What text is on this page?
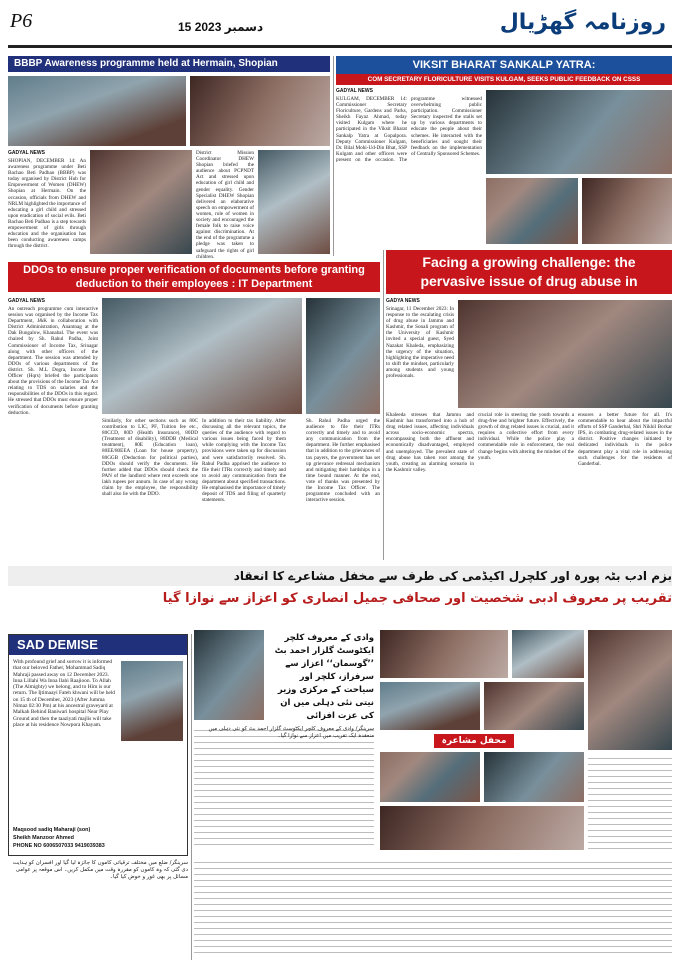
P6	15	دسمبر 2023	روزنامہ گھڑیال
BBBP Awareness programme held at Hermain, Shopian
GADYAL NEWS
SHOPIAN, DECEMBER 14: An awareness programme under Beti Bachao Beti Padhao (BBBP) was today organised by District Hub for Empowerment of Women (DHEW) Shopian at Hermain. On the occasion, officials from DHEW and NRLM highlighted the importance of educating a girl child and stressed upon eradication of social evils. Beti Bachao Beti Padhao is a step towards empowerment of girls through education and the organisation has been conducting awareness camps through the district.
District Mission Coordinator DHEW Shopian briefed the audience about PCPNDT Act and stressed upon education of girl child and gender equality. Gender Specialist DHEW Shopian delivered an elaborative speech on empowerment of women, role of women in society and encouraged the female folk to raise voice against discrimination. At the end of the programme a pledge was taken to safeguard the rights of girl children.
VIKSIT BHARAT SANKALP YATRA:
COM SECRETARY FLORICULTURE VISITS KULGAM, SEEKS PUBLIC FEEDBACK ON CSSS
GADYAL NEWS
KULGAM, DECEMBER 14: Commissioner Secretary Floriculture, Gardens and Parks, Sheikh Fayaz Ahmad, today visited Kulgam where he participated in the Viksit Bharat Sankalp Yatra at Gopalpora. Deputy Commissioner Kulgam, Dr. Bilal Mohi-Ud-Din Bhat, SSP Kulgam and other officers were present on the occasion. The programme witnessed overwhelming public participation. Commissioner Secretary inspected the stalls set up by various departments to educate the people about their schemes. He interacted with the beneficiaries and sought their feedback on the implementation of Centrally Sponsored Schemes.
DDOs to ensure proper verification of documents before granting deduction to their employees : IT Department
GADYAL NEWS
An outreach programme cum interactive session was organised by the Income Tax Department, J&K in collaboration with District Administration, Anantnag at the Dak Bungalow, Khanabal. The event was chaired by Sh. Rahul Padha, Joint Commissioner of Income Tax, Srinagar along with other officers of the department. The session was attended by DDOs of various departments of the district. Sh. M.L Dogra, Income Tax Officer (Hqrs) briefed the participants about the provisions of the Income Tax Act relating to TDS on salaries and the responsibilities of the DDOs in this regard. He stressed that DDOs must ensure proper verification of documents before granting deduction.
Similarly, for other sections such as 80C contribution to LIC, PF, Tuition fee etc., 80CCD, 80D (Health Insurance), 80DD (Treatment of disability), 80DDB (Medical treatment), 80E (Education loan), 80EE/80EEA (Loan for house property), 80GGB (Deduction for political parties), DDOs should verify the documents. He further added that DDOs should check the PAN of the landlord where rent exceeds one lakh rupees per annum. In case of any wrong claim by the employee, the responsibility shall also lie with the DDO.
In addition to their tax liability. After discussing all the relevant topics, the queries of the audience with regard to various issues being faced by them while complying with the Income Tax provisions were taken up for discussion and were satisfactorily resolved. Sh. Rahul Padha apprised the audience to file their ITRs correctly and timely and to avoid any communication from the department about specified transactions. He emphasised the importance of timely deposit of TDS and filing of quarterly statements.
Sh. Rahul Padha urged the audience to file their ITRs correctly and timely and to avoid any communication from the department. He further emphasised that in addition to the grievances of tax payers, the government has set up grievance redressal mechanism and mitigating their hardships in a time bound manner. At the end, vote of thanks was presented by the Income Tax Officer. The programme concluded with an interactive session.
Facing a growing challenge: the pervasive issue of drug abuse in
GADYA NEWS
Srinagar, 11 December 2023: In response to the escalating crisis of drug abuse in Jammu and Kashmir, the Sonali program of the University of Kashmir invited a special guest, Syed Nazakat Khaleda, emphasizing the urgency of the situation, highlighting the imperative need to shift the mindset, particularly among students and young professionals.
Khaleeda stresses that Jammu and Kashmir has transformed into a hub of drug related issues, affecting individuals across socio-economic spectra, encompassing both the affluent and economically disadvantaged, employed and unemployed. The prevalent state of drug abuse has taken root among the youth, creating an alarming scenario in the Kashmir valley.
crucial role in steering the youth towards a drug-free and brighter future. Effectively, the growth of drug related issues is crucial, and it requires a collective effort from every individual. While the police play a commendable role in enforcement, the real change begins with altering the mindset of the youth.
ensures a better future for all. It's commendable to hear about the impactful efforts of SSP Ganderbal, Shri Nikhil Borkar IPS, in combating drug-related issues in the district. Positive changes initiated by dedicated individuals in the police department play a vital role in addressing such challenges for the residents of Ganderbal.
بزم ادب بٹہ پورہ اور کلچرل اکیڈمی کی طرف سے مخفل مشاعرے کا انعقاد
تقریب پر معروف ادبی شخصیت اور صحافی جمیل انصاری کو اعزاز سے نوازا گیا
SAD DEMISE
With profound grief and sorrow it is informed that our beloved Father, Mohammad Sadiq Mahraji passed away on 12 December 2023. Inna Lillahi Wa Inna Ilahi Raajioon. To Allah (The Almighty) we belong, and to Him is our return. The Ijtimaayi Fateh khwani will be held on 15 th of December, 2023 (After Jumma Nimaz 02:30 Pm) at his ancestral graveyard at Malkah Behind Baniwari hospital Near Play Ground and then the taaziyati majlis will take place at his residence Nowpora Khayam.
Maqsood sadiq Maharaji (son)
Sheikh Manzoor Ahmed
PHONE NO 6006507033 9419039383
سرینگر/ ضلع میں مختلف ترقیاتی کاموں کا جائزہ لیا گیا اور افسران کو ہدایت دی گئی کہ وہ کاموں کو مقررہ وقت میں مکمل کریں۔ اس موقعہ پر عوامی مسائل پر بھی غور و خوض کیا گیا۔
وادی کے معروف کلچر ایکٹوسٹ گلزار احمد بٹ ’’گوسمان‘‘ اعزاز سے سرفراز، کلچر اور سیاحت کے مرکزی وزیر نیتی نئی دہلی میں ان کی عزت افزائی
محفل مشاعرہ
سرینگر/ وادی کے معروف کلچر ایکٹوسٹ گلزار احمد بٹ کو نئی دہلی میں منعقدہ ایک تقریب میں اعزاز سے نوازا گیا۔
